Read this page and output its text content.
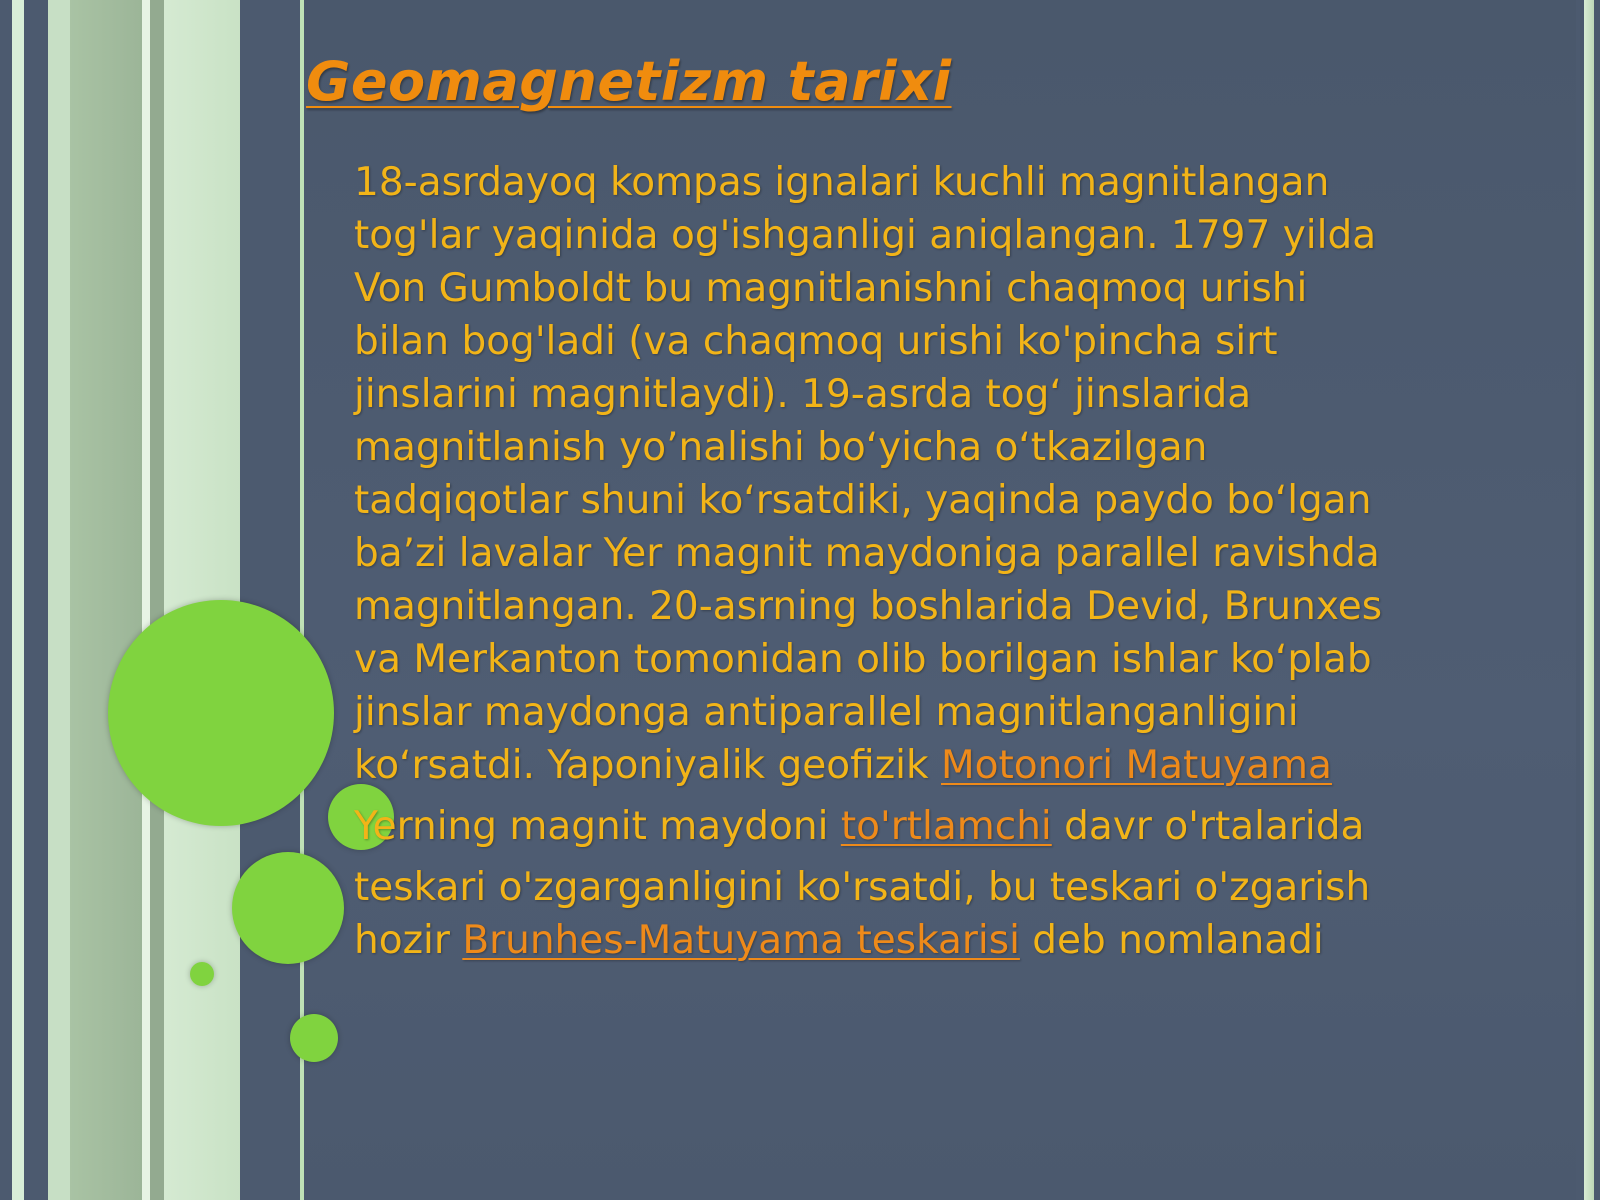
Geomagnetizm tarixi

18-asrdayoq kompas ignalari kuchli magnitlangan
tog'lar yaqinida og'ishganligi aniqlangan. 1797 yilda
Von Gumboldt bu magnitlanishni chaqmoq urishi
bilan bog'ladi (va chaqmoq urishi ko'pincha sirt
jinslarini magnitlaydi). 19-asrda tog‘ jinslarida
magnitlanish yo’nalishi bo‘yicha o‘tkazilgan
tadqiqotlar shuni ko‘rsatdiki, yaqinda paydo bo‘lgan
ba’zi lavalar Yer magnit maydoniga parallel ravishda
magnitlangan. 20-asrning boshlarida Devid, Brunxes
va Merkanton tomonidan olib borilgan ishlar ko‘plab
jinslar maydonga antiparallel magnitlanganligini
ko‘rsatdi. Yaponiyalik geofizik Motonori Matuyama
Yerning magnit maydoni to'rtlamchi davr o'rtalarida
teskari o'zgarganligini ko'rsatdi, bu teskari o'zgarish
hozir Brunhes-Matuyama teskarisi deb nomlanadi
